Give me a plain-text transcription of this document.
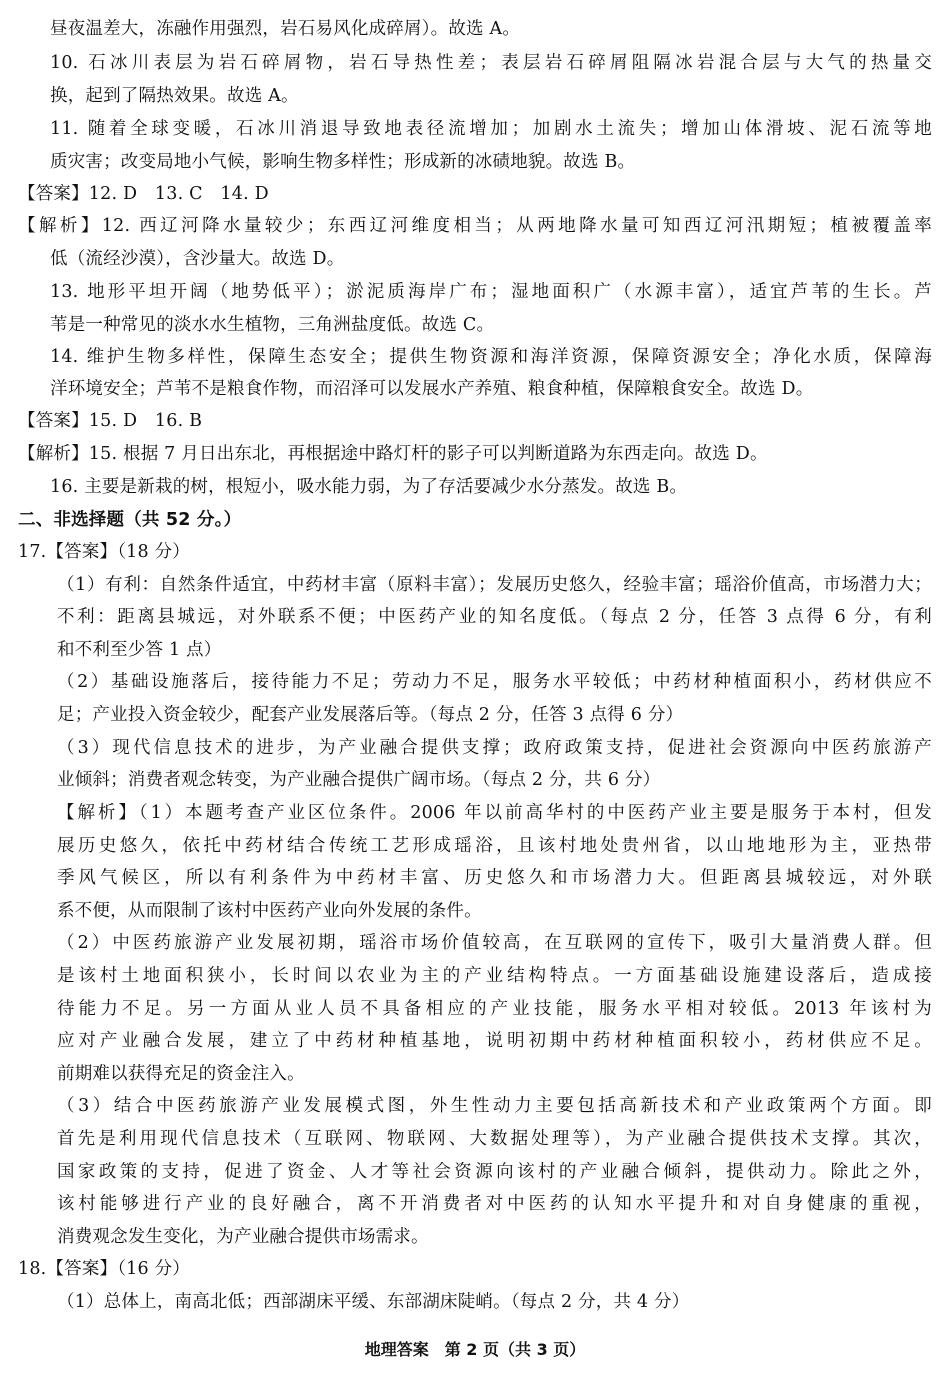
昼夜温差大，冻融作用强烈，岩石易风化成碎屑）。故选 A。
10. 石冰川表层为岩石碎屑物，岩石导热性差；表层岩石碎屑阻隔冰岩混合层与大气的热量交
换，起到了隔热效果。故选 A。
11. 随着全球变暖，石冰川消退导致地表径流增加；加剧水土流失；增加山体滑坡、泥石流等地
质灾害；改变局地小气候，影响生物多样性；形成新的冰碛地貌。故选 B。
【答案】12. D　13. C　14. D
【解析】12. 西辽河降水量较少；东西辽河维度相当；从两地降水量可知西辽河汛期短；植被覆盖率
低（流经沙漠），含沙量大。故选 D。
13. 地形平坦开阔（地势低平）；淤泥质海岸广布；湿地面积广（水源丰富），适宜芦苇的生长。芦
苇是一种常见的淡水水生植物，三角洲盐度低。故选 C。
14. 维护生物多样性，保障生态安全；提供生物资源和海洋资源，保障资源安全；净化水质，保障海
洋环境安全；芦苇不是粮食作物，而沼泽可以发展水产养殖、粮食种植，保障粮食安全。故选 D。
【答案】15. D　16. B
【解析】15. 根据 7 月日出东北，再根据途中路灯杆的影子可以判断道路为东西走向。故选 D。
16. 主要是新栽的树，根短小，吸水能力弱，为了存活要减少水分蒸发。故选 B。
二、非选择题（共 52 分。）
17.【答案】（18 分）
（1）有利：自然条件适宜，中药材丰富（原料丰富）；发展历史悠久，经验丰富；瑶浴价值高，市场潜力大；
不利：距离县城远，对外联系不便；中医药产业的知名度低。（每点 2 分，任答 3 点得 6 分，有利
和不利至少答 1 点）
（2）基础设施落后，接待能力不足；劳动力不足，服务水平较低；中药材种植面积小，药材供应不
足；产业投入资金较少，配套产业发展落后等。（每点 2 分，任答 3 点得 6 分）
（3）现代信息技术的进步，为产业融合提供支撑；政府政策支持，促进社会资源向中医药旅游产
业倾斜；消费者观念转变，为产业融合提供广阔市场。（每点 2 分，共 6 分）
【解析】（1）本题考查产业区位条件。2006 年以前高华村的中医药产业主要是服务于本村，但发
展历史悠久，依托中药材结合传统工艺形成瑶浴，且该村地处贵州省，以山地地形为主，亚热带
季风气候区，所以有利条件为中药材丰富、历史悠久和市场潜力大。但距离县城较远，对外联
系不便，从而限制了该村中医药产业向外发展的条件。
（2）中医药旅游产业发展初期，瑶浴市场价值较高，在互联网的宣传下，吸引大量消费人群。但
是该村土地面积狭小，长时间以农业为主的产业结构特点。一方面基础设施建设落后，造成接
待能力不足。另一方面从业人员不具备相应的产业技能，服务水平相对较低。2013 年该村为
应对产业融合发展，建立了中药材种植基地，说明初期中药材种植面积较小，药材供应不足。
前期难以获得充足的资金注入。
（3）结合中医药旅游产业发展模式图，外生性动力主要包括高新技术和产业政策两个方面。即
首先是利用现代信息技术（互联网、物联网、大数据处理等），为产业融合提供技术支撑。其次，
国家政策的支持，促进了资金、人才等社会资源向该村的产业融合倾斜，提供动力。除此之外，
该村能够进行产业的良好融合，离不开消费者对中医药的认知水平提升和对自身健康的重视，
消费观念发生变化，为产业融合提供市场需求。
18.【答案】（16 分）
（1）总体上，南高北低；西部湖床平缓、东部湖床陡峭。（每点 2 分，共 4 分）
地理答案　第 2 页（共 3 页）
